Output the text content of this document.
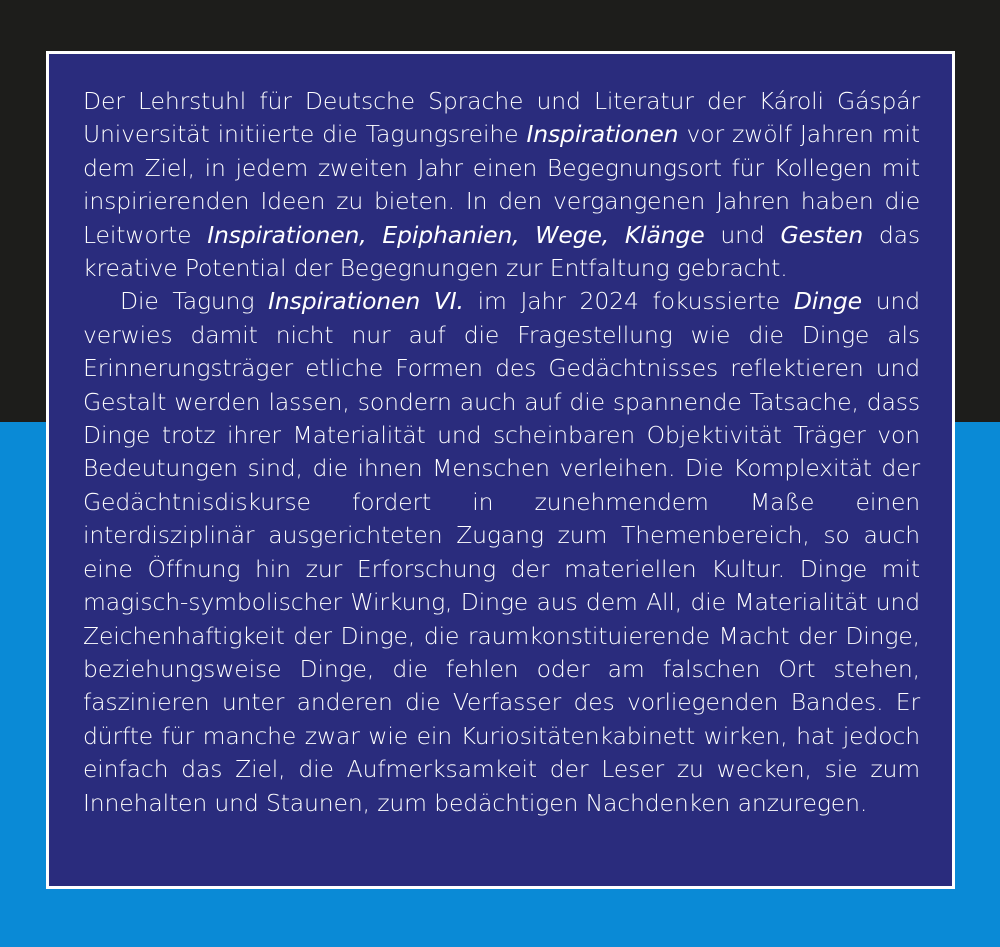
Der Lehrstuhl für Deutsche Sprache und Literatur der Károli Gáspár Universität initiierte die Tagungsreihe Inspirationen vor zwölf Jahren mit dem Ziel, in jedem zweiten Jahr einen Begegnungsort für Kollegen mit inspirierenden Ideen zu bieten. In den vergangenen Jahren haben die Leitworte Inspirationen, Epiphanien, Wege, Klänge und Gesten das kreative Potential der Begegnungen zur Entfaltung gebracht.

Die Tagung Inspirationen VI. im Jahr 2024 fokussierte Dinge und verwies damit nicht nur auf die Fragestellung wie die Dinge als Erinnerungsträger etliche Formen des Gedächtnisses reflektieren und Gestalt werden lassen, sondern auch auf die spannende Tatsache, dass Dinge trotz ihrer Materialität und scheinbaren Objektivität Träger von Bedeutungen sind, die ihnen Menschen verleihen. Die Komplexität der Gedächtnisdiskurse fordert in zunehmendem Maße einen interdisziplinär ausgerichteten Zugang zum Themenbereich, so auch eine Öffnung hin zur Erforschung der materiellen Kultur. Dinge mit magisch-symbolischer Wirkung, Dinge aus dem All, die Materialität und Zeichenhaftigkeit der Dinge, die raumkonstituierende Macht der Dinge, beziehungsweise Dinge, die fehlen oder am falschen Ort stehen, faszinieren unter anderen die Verfasser des vorliegenden Bandes. Er dürfte für manche zwar wie ein Kuriositätenkabinett wirken, hat jedoch einfach das Ziel, die Aufmerksamkeit der Leser zu wecken, sie zum Innehalten und Staunen, zum bedächtigen Nachdenken anzuregen.
